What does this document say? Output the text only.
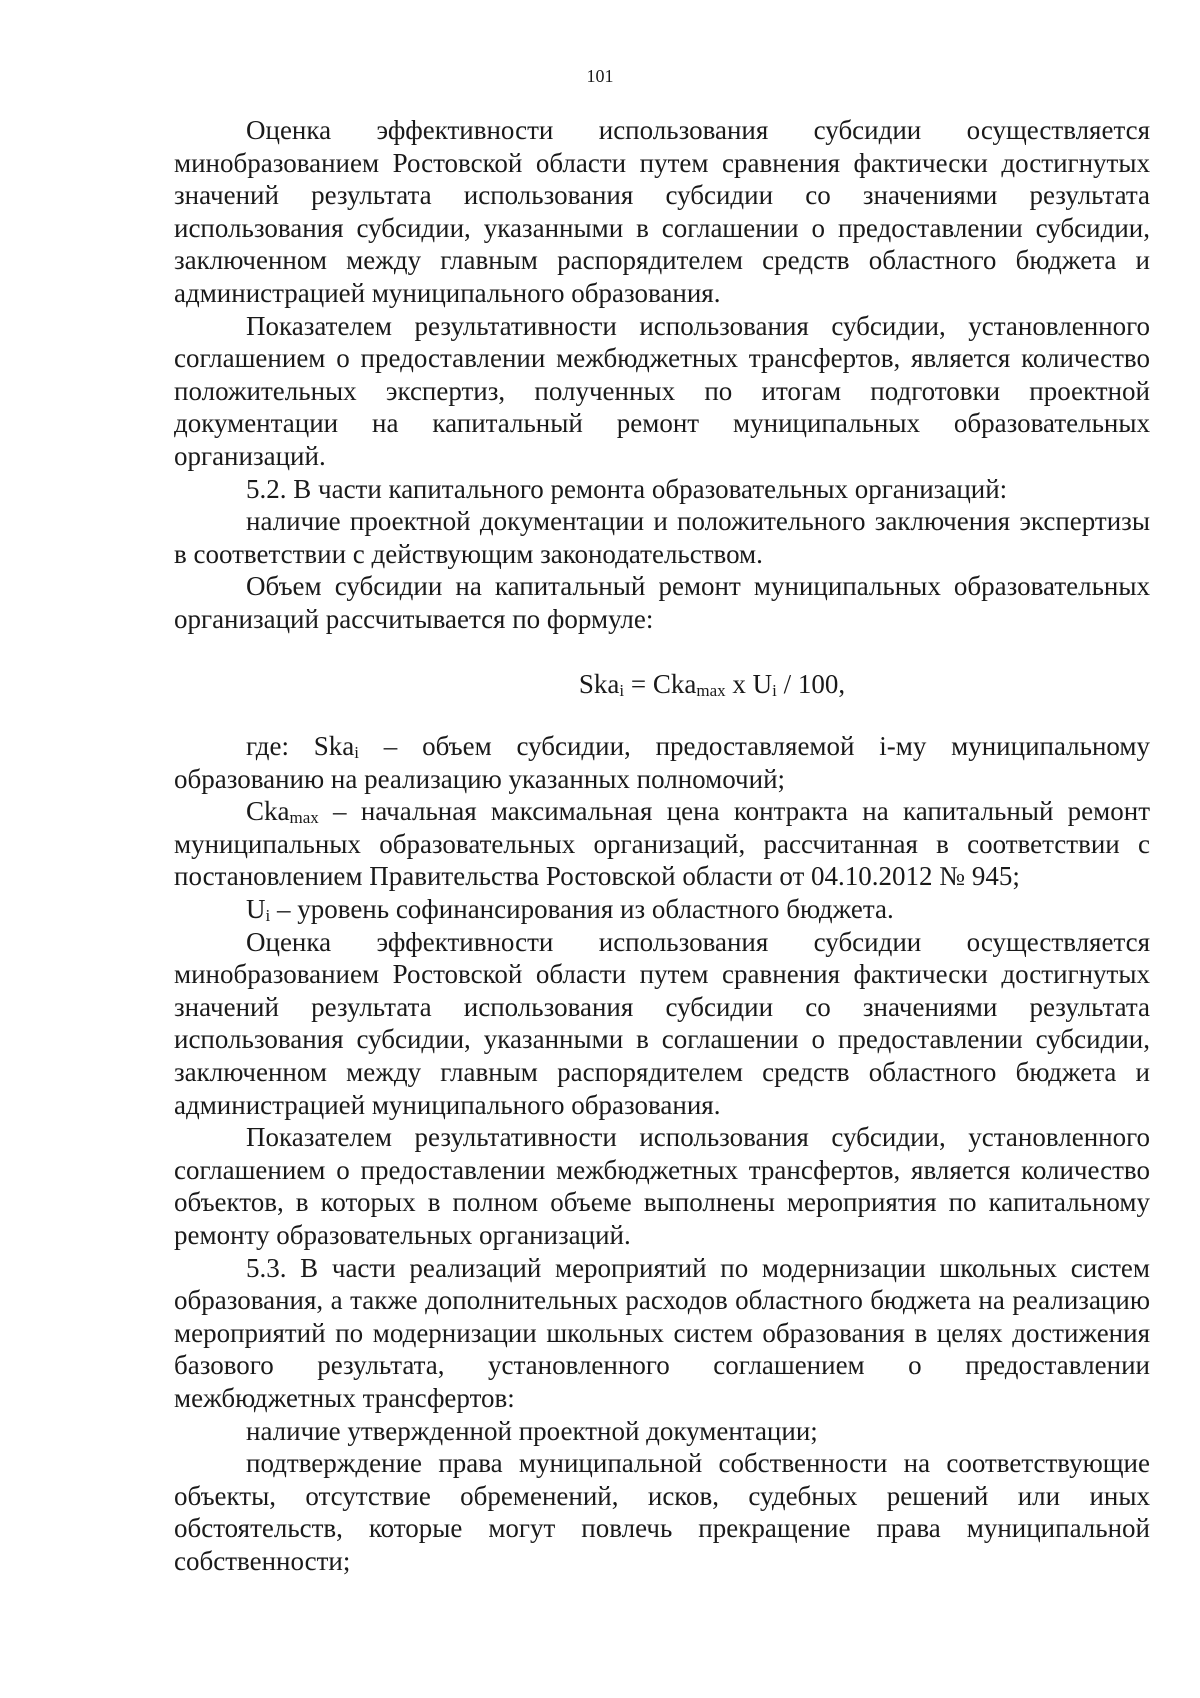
101

Оценка эффективности использования субсидии осуществляется минобразованием Ростовской области путем сравнения фактически достигнутых значений результата использования субсидии со значениями результата использования субсидии, указанными в соглашении о предоставлении субсидии, заключенном между главным распорядителем средств областного бюджета и администрацией муниципального образования.

Показателем результативности использования субсидии, установленного соглашением о предоставлении межбюджетных трансфертов, является количество положительных экспертиз, полученных по итогам подготовки проектной документации на капитальный ремонт муниципальных образовательных организаций.

5.2. В части капитального ремонта образовательных организаций:

наличие проектной документации и положительного заключения экспертизы в соответствии с действующим законодательством.

Объем субсидии на капитальный ремонт муниципальных образовательных организаций рассчитывается по формуле:

Ska$_i$ = Cka$_{max}$ x $U_i / 100$,

где: Ska$_i$ – объем субсидии, предоставляемой i-му муниципальному образованию на реализацию указанных полномочий;

Cka$_{max}$ – начальная максимальная цена контракта на капитальный ремонт муниципальных образовательных организаций, рассчитанная в соответствии с постановлением Правительства Ростовской области от 04.10.2012 № 945;

$U_i$ – уровень софинансирования из областного бюджета.

Оценка эффективности использования субсидии осуществляется минобразованием Ростовской области путем сравнения фактически достигнутых значений результата использования субсидии со значениями результата использования субсидии, указанными в соглашении о предоставлении субсидии, заключенном между главным распорядителем средств областного бюджета и администрацией муниципального образования.

Показателем результативности использования субсидии, установленного соглашением о предоставлении межбюджетных трансфертов, является количество объектов, в которых в полном объеме выполнены мероприятия по капитальному ремонту образовательных организаций.

5.3. В части реализаций мероприятий по модернизации школьных систем образования, а также дополнительных расходов областного бюджета на реализацию мероприятий по модернизации школьных систем образования в целях достижения базового результата, установленного соглашением о предоставлении межбюджетных трансфертов:

наличие утвержденной проектной документации;

подтверждение права муниципальной собственности на соответствующие объекты, отсутствие обременений, исков, судебных решений или иных обстоятельств, которые могут повлечь прекращение права муниципальной собственности;
